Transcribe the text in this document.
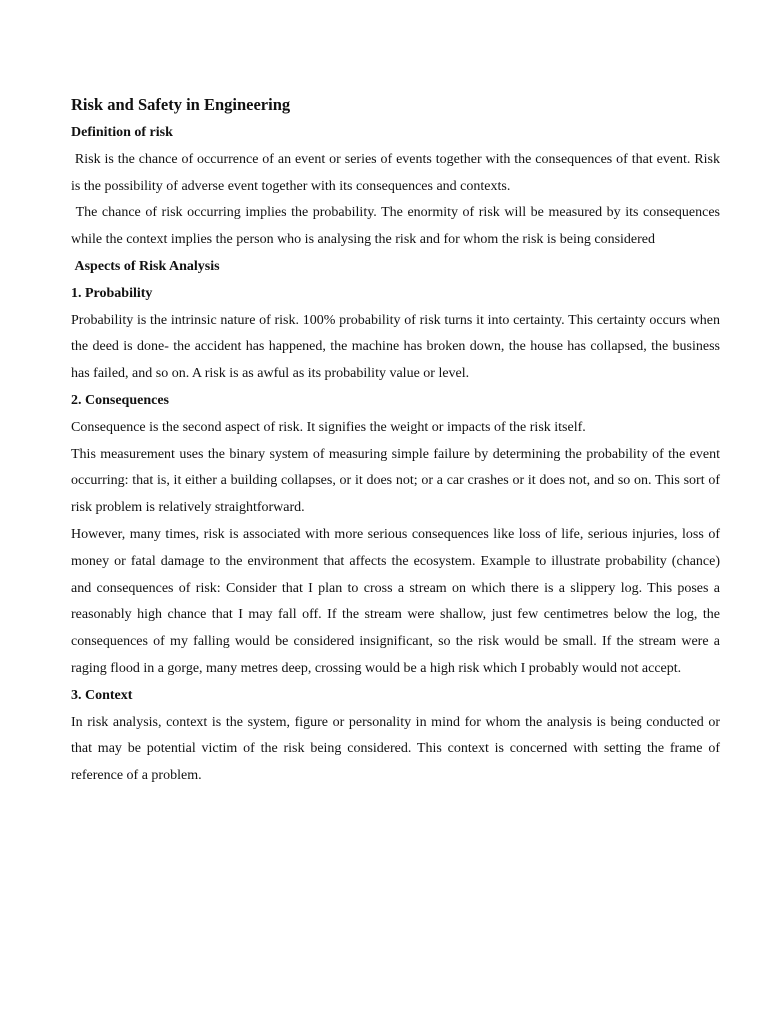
Risk and Safety in Engineering

Definition of risk

Risk is the chance of occurrence of an event or series of events together with the consequences of that event. Risk is the possibility of adverse event together with its consequences and contexts.

The chance of risk occurring implies the probability. The enormity of risk will be measured by its consequences while the context implies the person who is analysing the risk and for whom the risk is being considered

Aspects of Risk Analysis

1. Probability

Probability is the intrinsic nature of risk. 100% probability of risk turns it into certainty. This certainty occurs when the deed is done- the accident has happened, the machine has broken down, the house has collapsed, the business has failed, and so on. A risk is as awful as its probability value or level.

2. Consequences

Consequence is the second aspect of risk. It signifies the weight or impacts of the risk itself.

This measurement uses the binary system of measuring simple failure by determining the probability of the event occurring: that is, it either a building collapses, or it does not; or a car crashes or it does not, and so on. This sort of risk problem is relatively straightforward.

However, many times, risk is associated with more serious consequences like loss of life, serious injuries, loss of money or fatal damage to the environment that affects the ecosystem. Example to illustrate probability (chance) and consequences of risk: Consider that I plan to cross a stream on which there is a slippery log. This poses a reasonably high chance that I may fall off. If the stream were shallow, just few centimetres below the log, the consequences of my falling would be considered insignificant, so the risk would be small. If the stream were a raging flood in a gorge, many metres deep, crossing would be a high risk which I probably would not accept.

3. Context

In risk analysis, context is the system, figure or personality in mind for whom the analysis is being conducted or that may be potential victim of the risk being considered. This context is concerned with setting the frame of reference of a problem.
